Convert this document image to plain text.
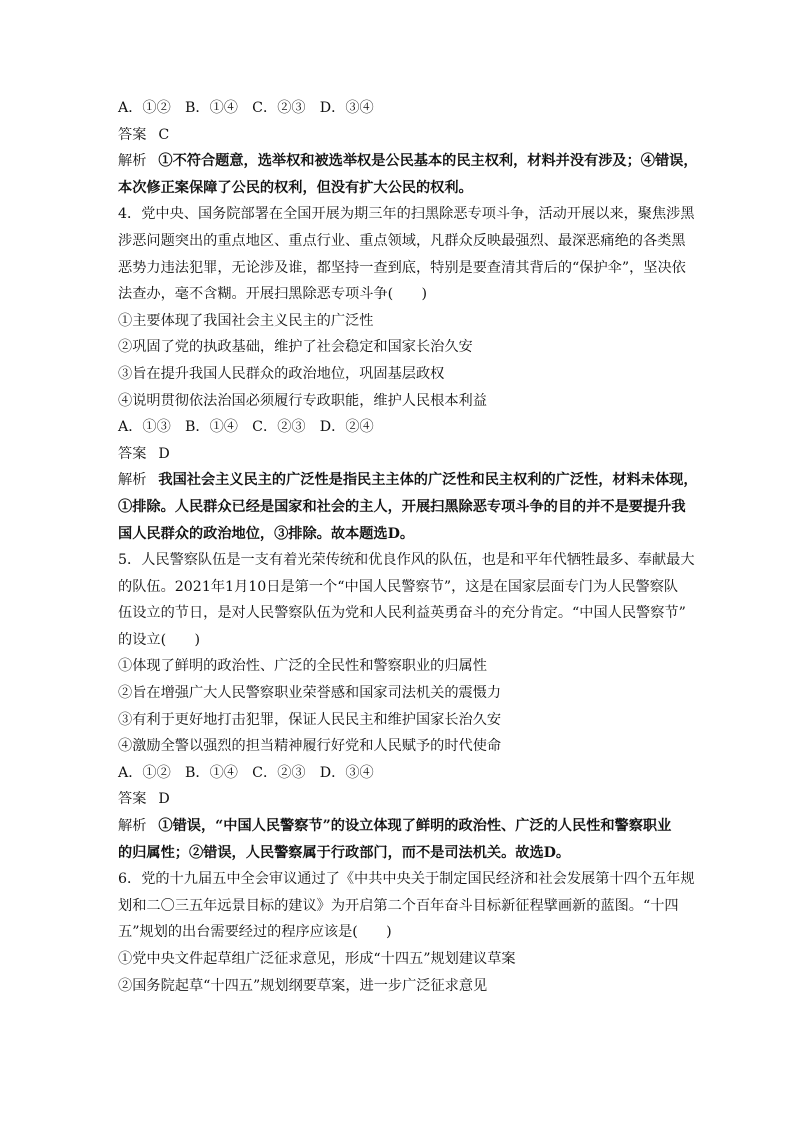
A．①②　B．①④　C．②③　D．③④
答案 C
解析 ①不符合题意，选举权和被选举权是公民基本的民主权利，材料并没有涉及；④错误，
本次修正案保障了公民的权利，但没有扩大公民的权利。
4．党中央、国务院部署在全国开展为期三年的扫黑除恶专项斗争，活动开展以来，聚焦涉黑
涉恶问题突出的重点地区、重点行业、重点领域，凡群众反映最强烈、最深恶痛绝的各类黑
恶势力违法犯罪，无论涉及谁，都坚持一查到底，特别是要查清其背后的“保护伞”，坚决依
法查办，毫不含糊。开展扫黑除恶专项斗争(　　)
①主要体现了我国社会主义民主的广泛性
②巩固了党的执政基础，维护了社会稳定和国家长治久安
③旨在提升我国人民群众的政治地位，巩固基层政权
④说明贯彻依法治国必须履行专政职能，维护人民根本利益
A．①③　B．①④　C．②③　D．②④
答案 D
解析 我国社会主义民主的广泛性是指民主主体的广泛性和民主权利的广泛性，材料未体现，
①排除。人民群众已经是国家和社会的主人，开展扫黑除恶专项斗争的目的并不是要提升我
国人民群众的政治地位，③排除。故本题选D。
5．人民警察队伍是一支有着光荣传统和优良作风的队伍，也是和平年代牺牲最多、奉献最大
的队伍。2021年1月10日是第一个“中国人民警察节”，这是在国家层面专门为人民警察队
伍设立的节日，是对人民警察队伍为党和人民利益英勇奋斗的充分肯定。“中国人民警察节”
的设立(　　)
①体现了鲜明的政治性、广泛的全民性和警察职业的归属性
②旨在增强广大人民警察职业荣誉感和国家司法机关的震慑力
③有利于更好地打击犯罪，保证人民民主和维护国家长治久安
④激励全警以强烈的担当精神履行好党和人民赋予的时代使命
A．①②　B．①④　C．②③　D．③④
答案 D
解析 ①错误，“中国人民警察节”的设立体现了鲜明的政治性、广泛的人民性和警察职业
的归属性；②错误，人民警察属于行政部门，而不是司法机关。故选D。
6．党的十九届五中全会审议通过了《中共中央关于制定国民经济和社会发展第十四个五年规
划和二〇三五年远景目标的建议》为开启第二个百年奋斗目标新征程擘画新的蓝图。“十四
五”规划的出台需要经过的程序应该是(　　)
①党中央文件起草组广泛征求意见，形成“十四五”规划建议草案
②国务院起草“十四五”规划纲要草案，进一步广泛征求意见
